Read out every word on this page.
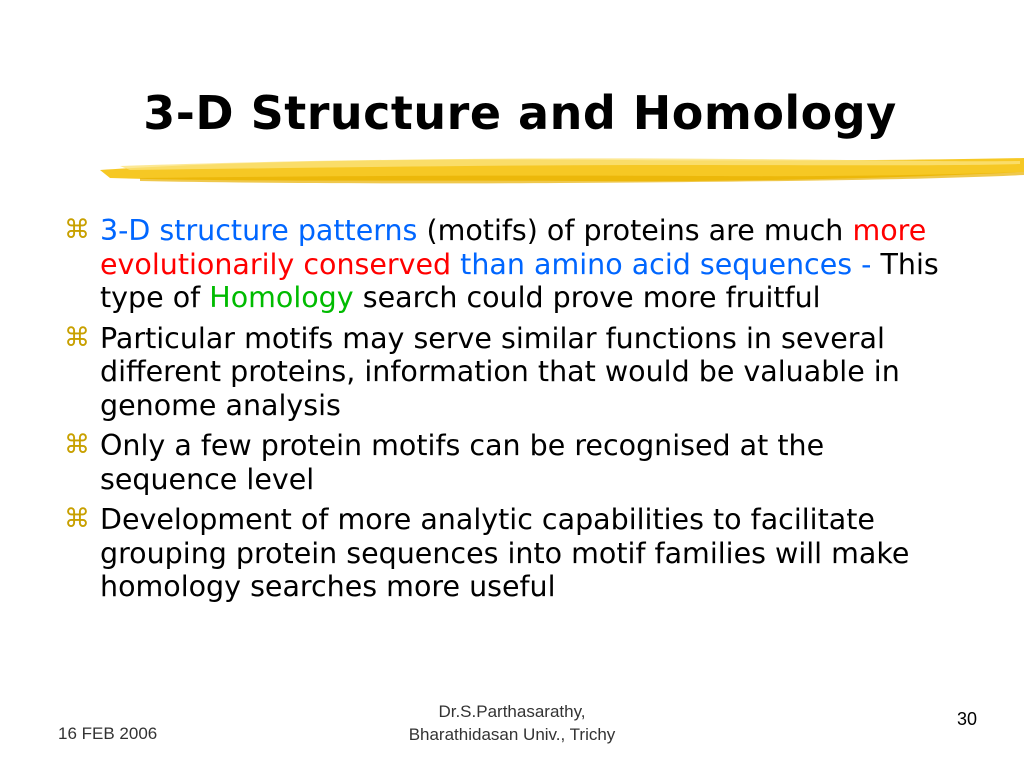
3-D Structure and Homology
⌘ 3-D structure patterns (motifs) of proteins are much more evolutionarily conserved than amino acid sequences - This type of Homology search could prove more fruitful
⌘ Particular motifs may serve similar functions in several different proteins, information that would be valuable in genome analysis
⌘ Only a few protein motifs can be recognised at the sequence level
⌘ Development of more analytic capabilities to facilitate grouping protein sequences into motif families will make homology searches more useful
16 FEB 2006
Dr.S.Parthasarathy,
Bharathidasan Univ., Trichy
30
